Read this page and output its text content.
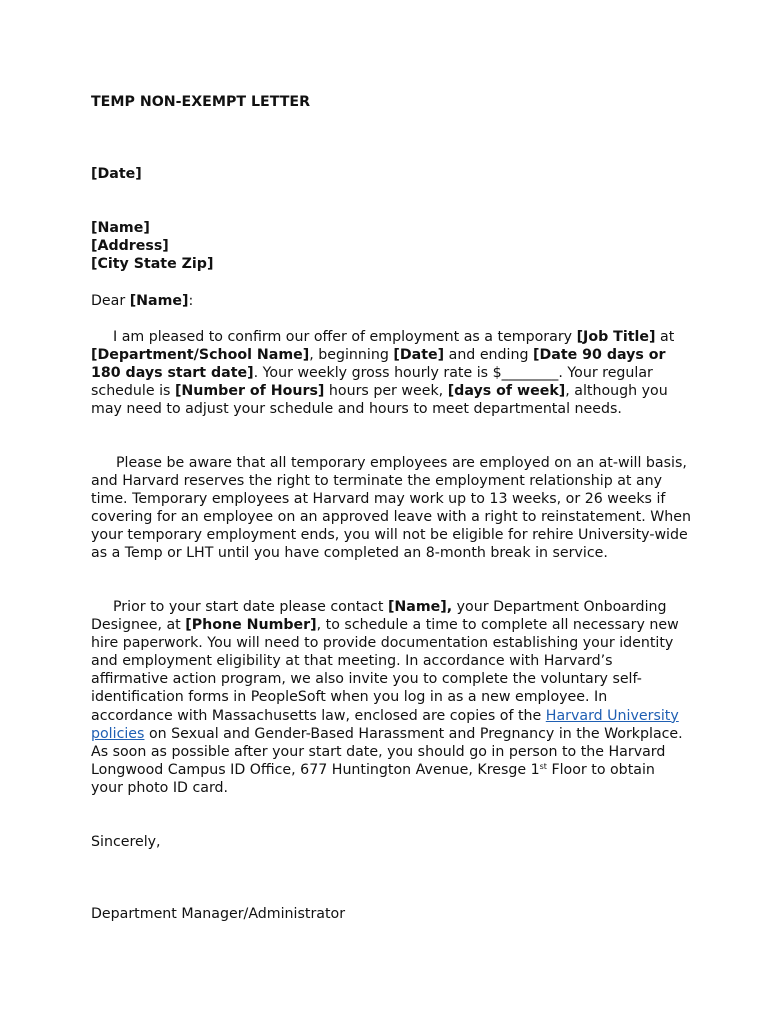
TEMP NON-EXEMPT LETTER

[Date]

[Name]
[Address]
[City State Zip]

Dear [Name]:

I am pleased to confirm our offer of employment as a temporary [Job Title] at [Department/School Name], beginning [Date] and ending [Date 90 days or 180 days start date]. Your weekly gross hourly rate is $________. Your regular schedule is [Number of Hours] hours per week, [days of week], although you may need to adjust your schedule and hours to meet departmental needs.

Please be aware that all temporary employees are employed on an at-will basis, and Harvard reserves the right to terminate the employment relationship at any time. Temporary employees at Harvard may work up to 13 weeks, or 26 weeks if covering for an employee on an approved leave with a right to reinstatement. When your temporary employment ends, you will not be eligible for rehire University-wide as a Temp or LHT until you have completed an 8-month break in service.

Prior to your start date please contact [Name], your Department Onboarding Designee, at [Phone Number], to schedule a time to complete all necessary new hire paperwork. You will need to provide documentation establishing your identity and employment eligibility at that meeting. In accordance with Harvard’s affirmative action program, we also invite you to complete the voluntary self-identification forms in PeopleSoft when you log in as a new employee. In accordance with Massachusetts law, enclosed are copies of the Harvard University policies on Sexual and Gender-Based Harassment and Pregnancy in the Workplace. As soon as possible after your start date, you should go in person to the Harvard Longwood Campus ID Office, 677 Huntington Avenue, Kresge 1st Floor to obtain your photo ID card.

Sincerely,

Department Manager/Administrator
